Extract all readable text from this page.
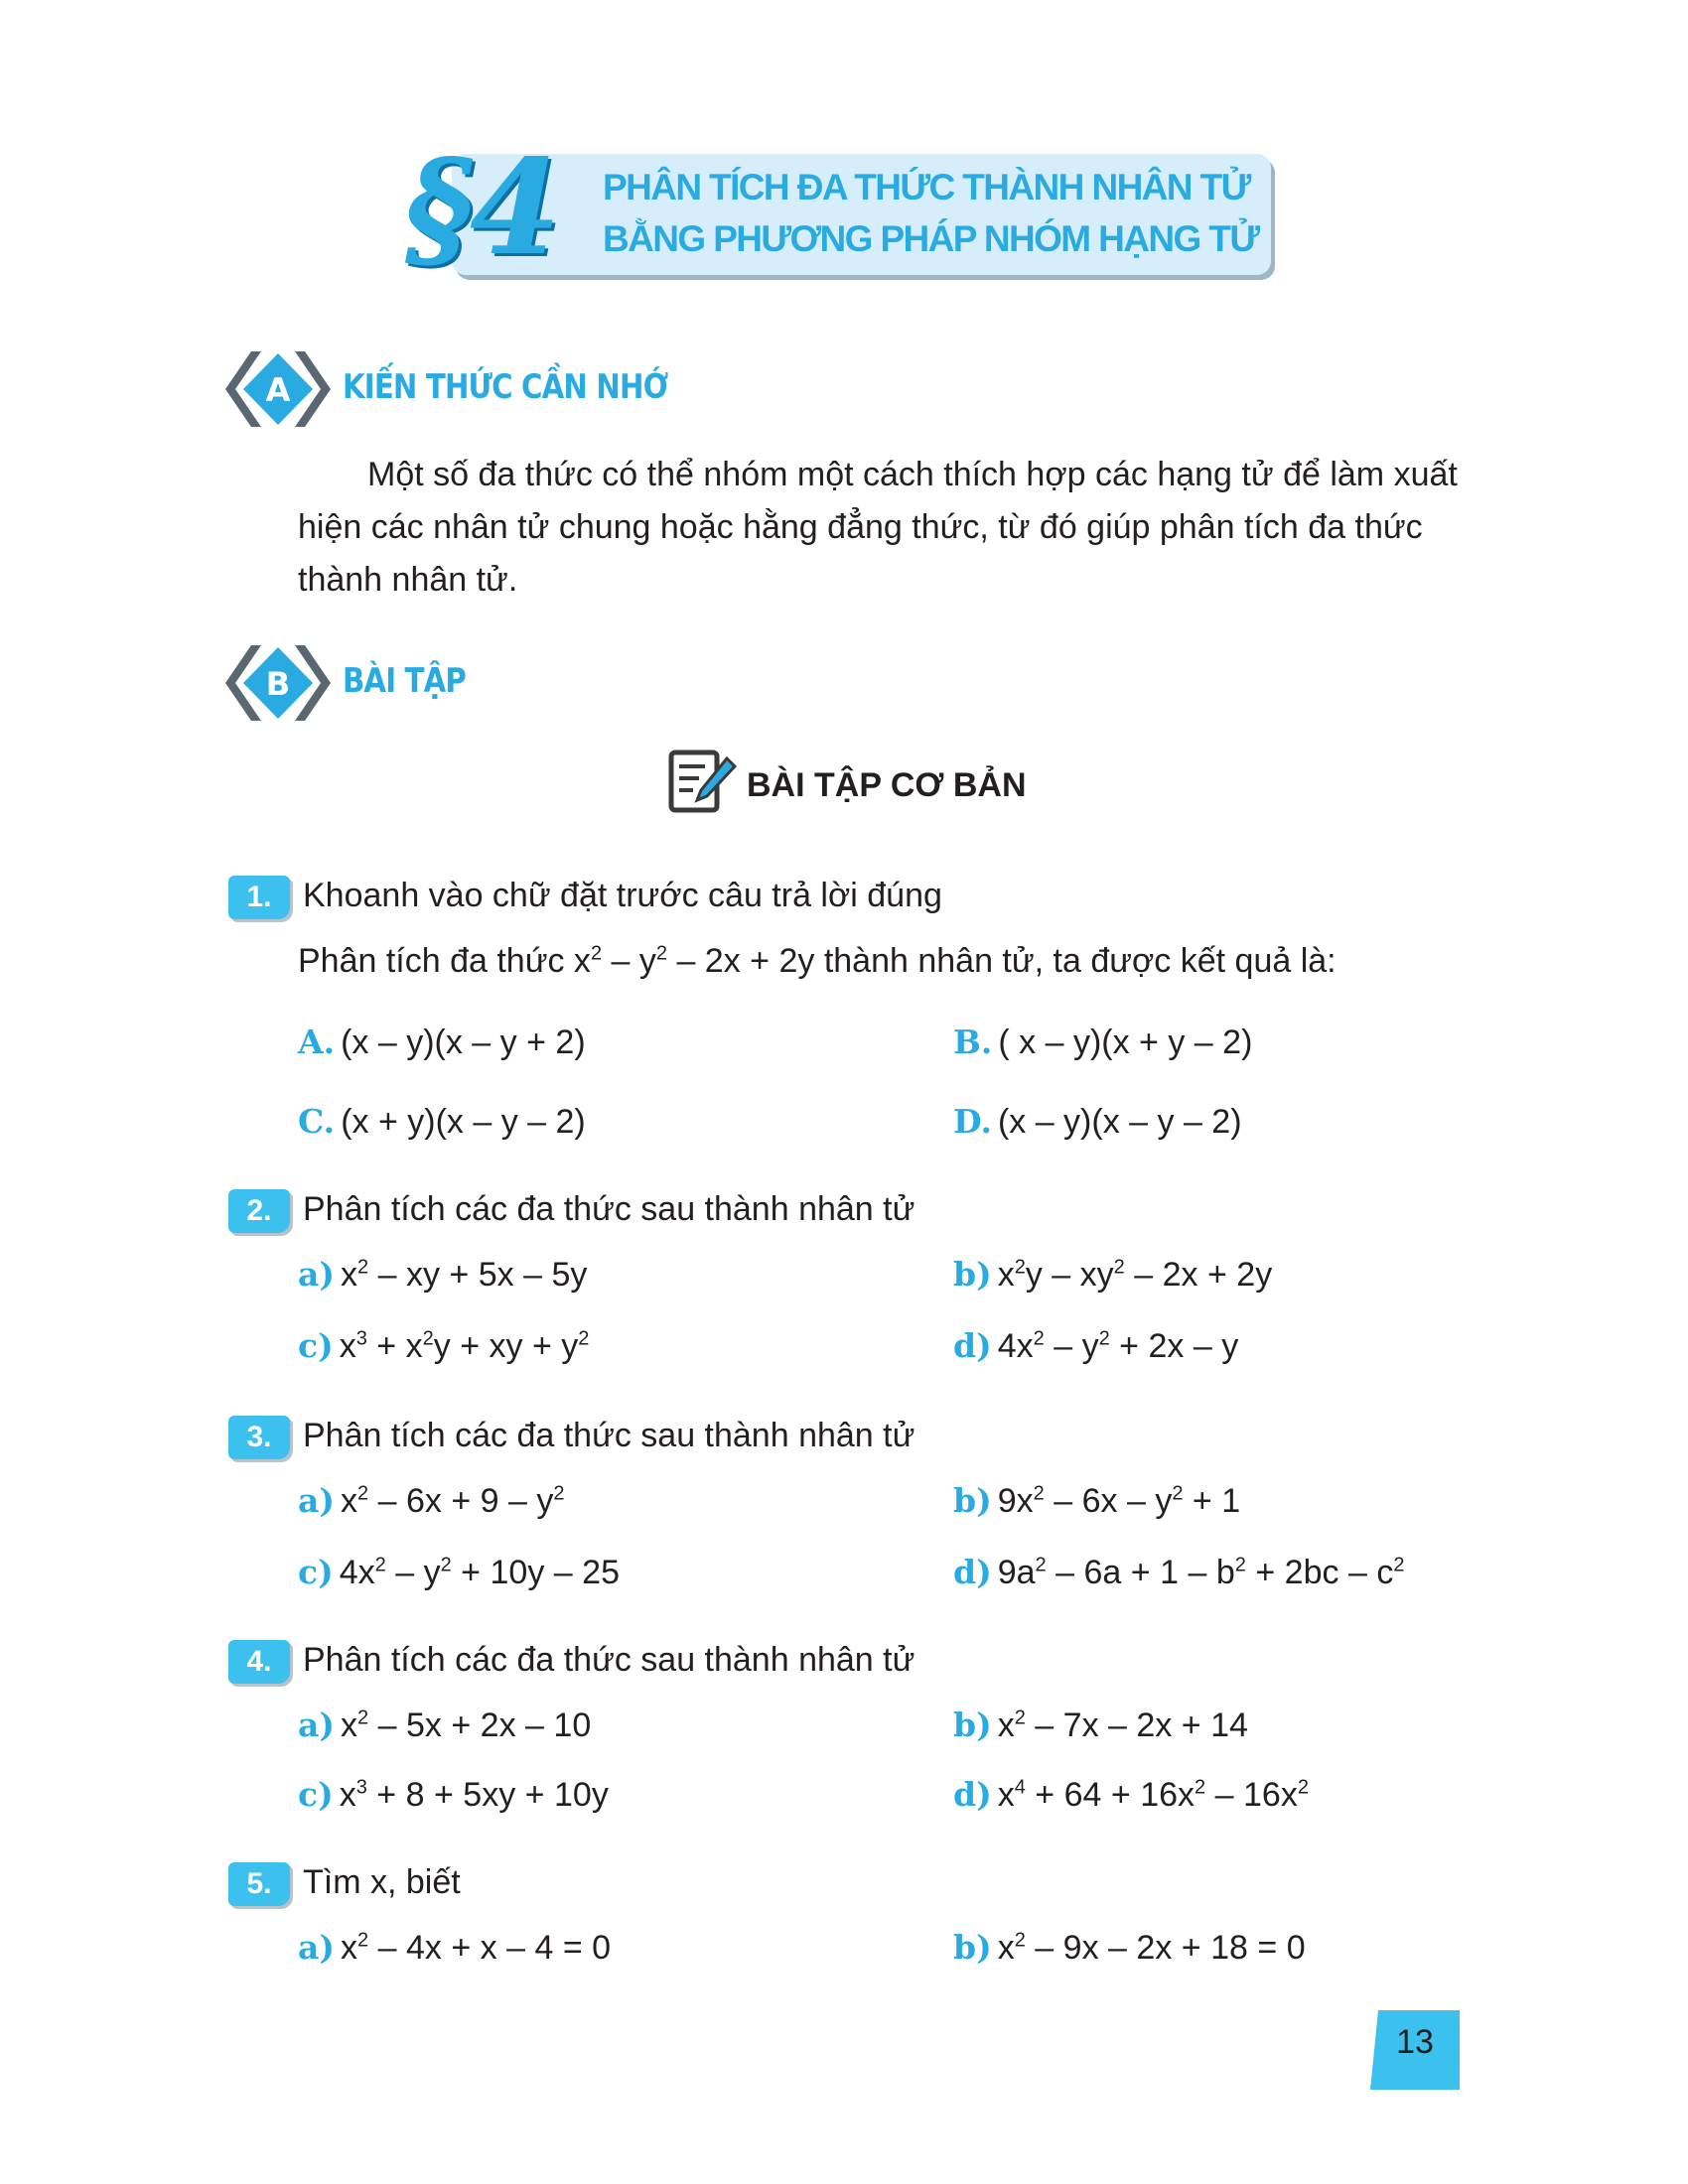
§4	PHÂN TÍCH ĐA THỨC THÀNH NHÂN TỬ
BẰNG PHƯƠNG PHÁP NHÓM HẠNG TỬ
A KIẾN THỨC CẦN NHỚ
Một số đa thức có thể nhóm một cách thích hợp các hạng tử để làm xuất hiện các nhân tử chung hoặc hằng đẳng thức, từ đó giúp phân tích đa thức thành nhân tử.
B BÀI TẬP
BÀI TẬP CƠ BẢN
1. Khoanh vào chữ đặt trước câu trả lời đúng
Phân tích đa thức $x^2 - y^2 - 2x + 2y$ thành nhân tử, ta được kết quả là:
A. (x – y)(x – y + 2)	B. ( x – y)(x + y – 2)
C. (x + y)(x – y – 2)	D. (x – y)(x – y – 2)
2. Phân tích các đa thức sau thành nhân tử
a) $x^2$ – xy + 5x – 5y	b) $x^2y - xy^2 - 2x + 2y$
c) $x^3 + x^2y$ + xy + $y^2$	d) $4x^2 - y^2 + 2x - y$
3. Phân tích các đa thức sau thành nhân tử
a) $x^2 - 6x + 9 - y^2$	b) $9x^2 - 6x - y^2 + 1$
c) $4x^2 - y^2 + 10y - 25$	d) $9a^2 - 6a + 1 - b^2 + 2bc - c^2$
4. Phân tích các đa thức sau thành nhân tử
a) $x^2 - 5x + 2x - 10$	b) $x^2 - 7x - 2x + 14$
c) $x^3 + 8 + 5xy + 10y$	d) $x^4 + 64 + 16x^2 - 16x^2$
5. Tìm x, biết
a) $x^2 - 4x + x - 4 = 0$	b) $x^2 - 9x - 2x + 18 = 0$
13
